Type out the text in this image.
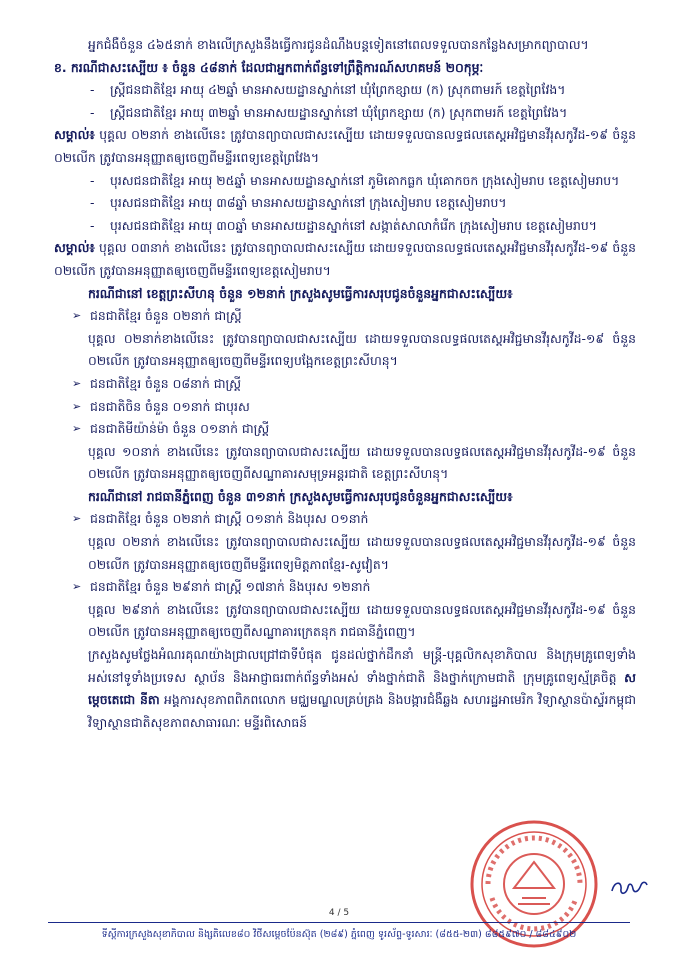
អ្នកជំងឺចំនួន ៤៦៥នាក់ ខាងលើក្រសួងនឹងធ្វើការជូនដំណឹងបន្តទៀតនៅពេលទទួលបានកន្លែងសម្រាកព្យាបាល។

ខ. ករណីជាសះស្បើយ ៖ ចំនួន ៤៨នាក់ ដែលជាអ្នកពាក់ព័ន្ធទៅព្រឹត្តិការណ៍សហគមន៍ ២០កុម្ភៈ

- ស្ត្រីជនជាតិខ្មែរ អាយុ ៤២ឆ្នាំ មានអាសយដ្ឋានស្នាក់នៅ ឃុំព្រែកខ្សាយ (ក) ស្រុកពាមរក៍ ខេត្តព្រៃវែង។

- ស្ត្រីជនជាតិខ្មែរ អាយុ ៣២ឆ្នាំ មានអាសយដ្ឋានស្នាក់នៅ ឃុំព្រែកខ្សាយ (ក) ស្រុកពាមរក៍ ខេត្តព្រៃវែង។

សម្គាល់៖ បុគ្គល ០២នាក់ ខាងលើនេះ ត្រូវបានព្យាបាលជាសះស្បើយ ដោយទទួលបានលទ្ធផលតេស្តអវិជ្ជមានវីរុសកូវីដ-១៩ ចំនួន ០២លើក ត្រូវបានអនុញ្ញាតឲ្យចេញពីមន្ទីរពេទ្យខេត្តព្រៃវែង។

- បុរសជនជាតិខ្មែរ អាយុ ២៥ឆ្នាំ មានអាសយដ្ឋានស្នាក់នៅ ភូមិគោកធ្លក ឃុំគោកចក ក្រុងសៀមរាប ខេត្តសៀមរាប។

- បុរសជនជាតិខ្មែរ អាយុ ៣៨ឆ្នាំ មានអាសយដ្ឋានស្នាក់នៅ ក្រុងសៀមរាប ខេត្តសៀមរាប។

- បុរសជនជាតិខ្មែរ អាយុ ៣០ឆ្នាំ មានអាសយដ្ឋានស្នាក់នៅ សង្កាត់សាលាកំរើក ក្រុងសៀមរាប ខេត្តសៀមរាប។

សម្គាល់៖ បុគ្គល ០៣នាក់ ខាងលើនេះ ត្រូវបានព្យាបាលជាសះស្បើយ ដោយទទួលបានលទ្ធផលតេស្តអវិជ្ជមានវីរុសកូវីដ-១៩ ចំនួន ០២លើក ត្រូវបានអនុញ្ញាតឲ្យចេញពីមន្ទីរពេទ្យខេត្តសៀមរាប។

ករណីជានៅ ខេត្តព្រះសីហនុ ចំនួន ១២នាក់ ក្រសួងសូមធ្វើការសរុបជូនចំនួនអ្នកជាសះស្បើយ៖

➢ ជនជាតិខ្មែរ ចំនួន ០២នាក់ ជាស្ត្រី

បុគ្គល ០២នាក់ខាងលើនេះ ត្រូវបានព្យាបាលជាសះស្បើយ ដោយទទួលបានលទ្ធផលតេស្តអវិជ្ជមានវីរុសកូវីដ-១៩ ចំនួន ០២លើក ត្រូវបានអនុញ្ញាតឲ្យចេញពីមន្ទីរពេទ្យបង្អែកខេត្តព្រះសីហនុ។

➢ ជនជាតិខ្មែរ ចំនួន ០៨នាក់ ជាស្ត្រី

➢ ជនជាតិចិន ចំនួន ០១នាក់ ជាបុរស

➢ ជនជាតិមីយ៉ាន់ម៉ា ចំនួន ០១នាក់ ជាស្ត្រី

បុគ្គល ១០នាក់ ខាងលើនេះ ត្រូវបានព្យាបាលជាសះស្បើយ ដោយទទួលបានលទ្ធផលតេស្តអវិជ្ជមានវីរុសកូវីដ-១៩ ចំនួន ០២លើក ត្រូវបានអនុញ្ញាតឲ្យចេញពីសណ្ឋាគារសមុទ្រអន្តរជាតិ ខេត្តព្រះសីហនុ។

ករណីជានៅ រាជធានីភ្នំពេញ ចំនួន ៣១នាក់ ក្រសួងសូមធ្វើការសរុបជូនចំនួនអ្នកជាសះស្បើយ៖

➢ ជនជាតិខ្មែរ ចំនួន ០២នាក់ ជាស្ត្រី ០១នាក់ និងបុរស ០១នាក់

បុគ្គល ០២នាក់ ខាងលើនេះ ត្រូវបានព្យាបាលជាសះស្បើយ ដោយទទួលបានលទ្ធផលតេស្តអវិជ្ជមានវីរុសកូវីដ-១៩ ចំនួន ០២លើក ត្រូវបានអនុញ្ញាតឲ្យចេញពីមន្ទីរពេទ្យមិត្តភាពខ្មែរ-សូវៀត។

➢ ជនជាតិខ្មែរ ចំនួន ២៩នាក់ ជាស្ត្រី ១៧នាក់ និងបុរស ១២នាក់

បុគ្គល ២៩នាក់ ខាងលើនេះ ត្រូវបានព្យាបាលជាសះស្បើយ ដោយទទួលបានលទ្ធផលតេស្តអវិជ្ជមានវីរុសកូវីដ-១៩ ចំនួន ០២លើក ត្រូវបានអនុញ្ញាតឲ្យចេញពីសណ្ឋាគារក្រេតនុក រាជធានីភ្នំពេញ។

ក្រសួងសូមថ្លែងអំណរគុណយ៉ាងជ្រាលជ្រៅជាទីបំផុត ជូនដល់ថ្នាក់ដឹកនាំ មន្ត្រី-បុគ្គលិកសុខាភិបាល និងក្រុមគ្រូពេទ្យទាំងអស់នៅទូទាំងប្រទេស ស្ថាប័ន និងអាជ្ញាធរពាក់ព័ន្ធទាំងអស់ ទាំងថ្នាក់ជាតិ និងថ្នាក់ក្រោមជាតិ ក្រុមគ្រូពេទ្យស្ម័គ្រចិត្ត សម្តេចតេជោ នីតា អង្គការសុខភាពពិភពលោក មជ្ឈមណ្ឌលគ្រប់គ្រង និងបង្ការជំងឺឆ្លង សហរដ្ឋអាមេរិក វិទ្យាស្ថានប៉ាស្ទ័រកម្ពុជា វិទ្យាស្ថានជាតិសុខភាពសាធារណៈ មន្ទីរពិសោធន៍

4 / 5
ទីស្តីការក្រសួងសុខាភិបាល និង្សតិលេខ៨០ វិថីសម្តេចប៉ែនស៊ុត (២៨៩) ភ្នំពេញ ទូរស័ព្ទ-ទូរសារៈ (៨៥៥-២៣) ៨៨៥៩៧០ / ៨៨៤៩០២
